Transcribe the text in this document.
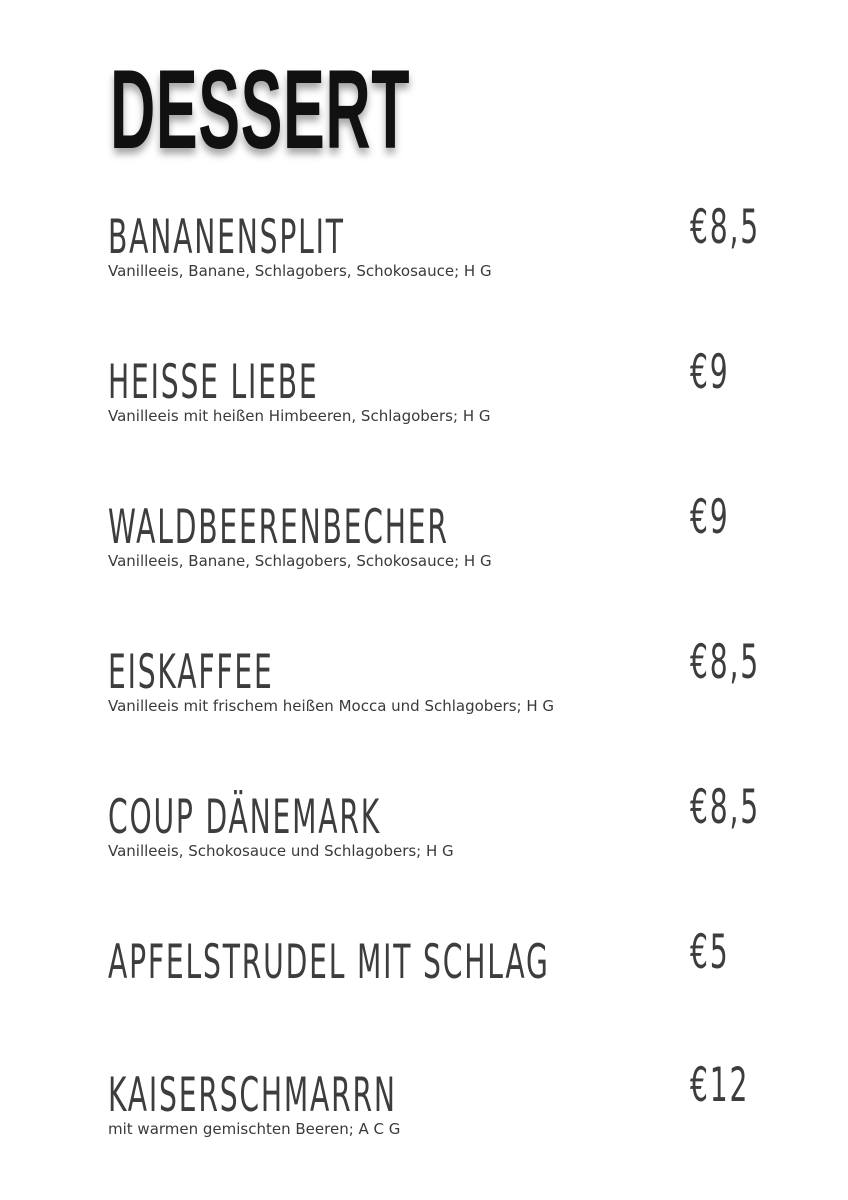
DESSERT
BANANENSPLIT
Vanilleeis, Banane, Schlagobers, Schokosauce; H G
€8,5
HEISSE LIEBE
Vanilleeis mit heißen Himbeeren, Schlagobers; H G
€9
WALDBEERENBECHER
Vanilleeis, Banane, Schlagobers, Schokosauce; H G
€9
EISKAFFEE
Vanilleeis mit frischem heißen Mocca und Schlagobers; H G
€8,5
COUP DÄNEMARK
Vanilleeis, Schokosauce und Schlagobers; H G
€8,5
APFELSTRUDEL MIT SCHLAG	€5
KAISERSCHMARRN
mit warmen gemischten Beeren; A C G
€12
